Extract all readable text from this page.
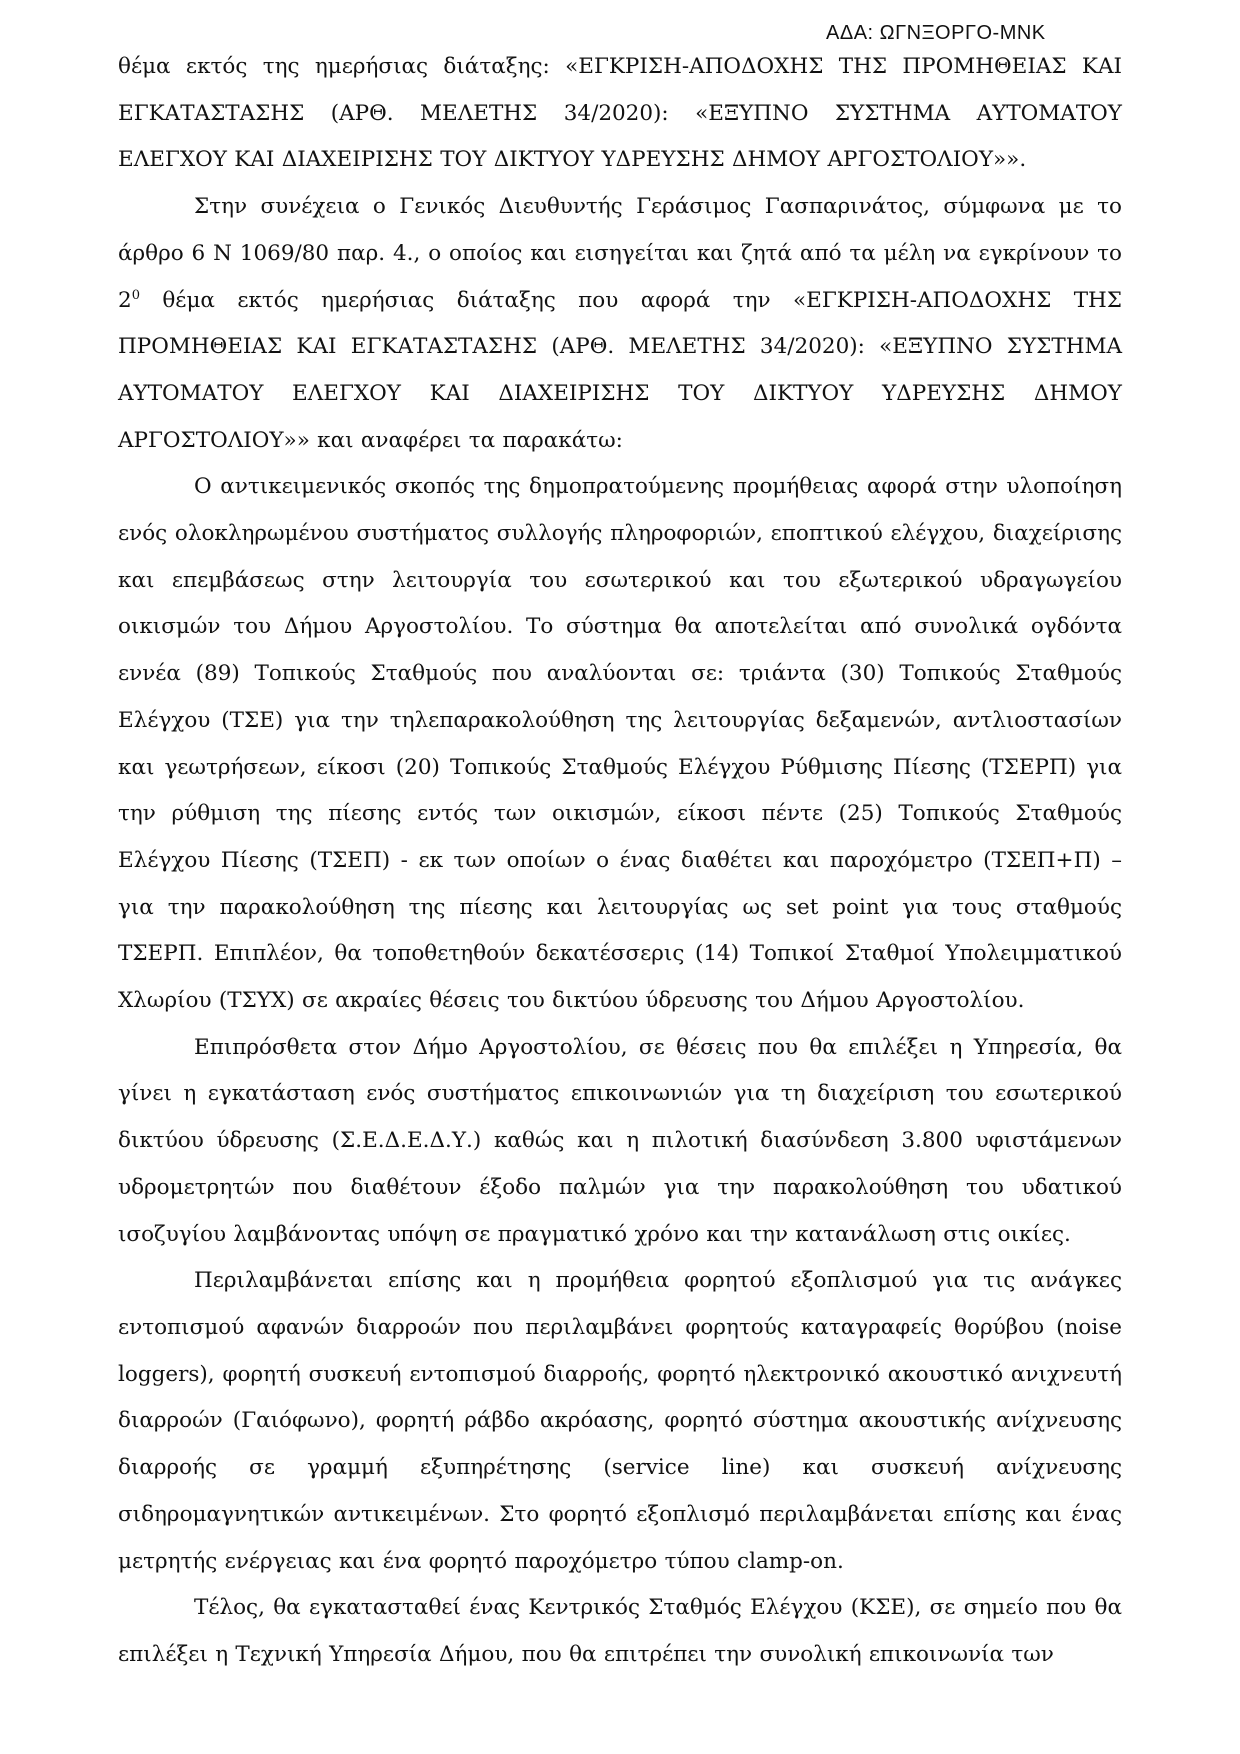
ΑΔΑ: ΩΓΝΞΟΡΓΟ-ΜΝΚ

θέμα εκτός της ημερήσιας διάταξης: «ΕΓΚΡΙΣΗ-ΑΠΟΔΟΧΗΣ ΤΗΣ ΠΡΟΜΗΘΕΙΑΣ ΚΑΙ ΕΓΚΑΤΑΣΤΑΣΗΣ (ΑΡΘ. ΜΕΛΕΤΗΣ 34/2020): «ΕΞΥΠΝΟ ΣΥΣΤΗΜΑ ΑΥΤΟΜΑΤΟΥ ΕΛΕΓΧΟΥ ΚΑΙ ΔΙΑΧΕΙΡΙΣΗΣ ΤΟΥ ΔΙΚΤΥΟΥ ΥΔΡΕΥΣΗΣ ΔΗΜΟΥ ΑΡΓΟΣΤΟΛΙΟΥ»».

Στην συνέχεια ο Γενικός Διευθυντής Γεράσιμος Γασπαρινάτος, σύμφωνα με το άρθρο 6 Ν 1069/80 παρ. 4., ο οποίος και εισηγείται και ζητά από τα μέλη να εγκρίνουν το $2^0$ θέμα εκτός ημερήσιας διάταξης που αφορά την «ΕΓΚΡΙΣΗ-ΑΠΟΔΟΧΗΣ ΤΗΣ ΠΡΟΜΗΘΕΙΑΣ ΚΑΙ ΕΓΚΑΤΑΣΤΑΣΗΣ (ΑΡΘ. ΜΕΛΕΤΗΣ 34/2020): «ΕΞΥΠΝΟ ΣΥΣΤΗΜΑ ΑΥΤΟΜΑΤΟΥ ΕΛΕΓΧΟΥ ΚΑΙ ΔΙΑΧΕΙΡΙΣΗΣ ΤΟΥ ΔΙΚΤΥΟΥ ΥΔΡΕΥΣΗΣ ΔΗΜΟΥ ΑΡΓΟΣΤΟΛΙΟΥ»» και αναφέρει τα παρακάτω:

Ο αντικειμενικός σκοπός της δημοπρατούμενης προμήθειας αφορά στην υλοποίηση ενός ολοκληρωμένου συστήματος συλλογής πληροφοριών, εποπτικού ελέγχου, διαχείρισης και επεμβάσεως στην λειτουργία του εσωτερικού και του εξωτερικού υδραγωγείου οικισμών του Δήμου Αργοστολίου. Το σύστημα θα αποτελείται από συνολικά ογδόντα εννέα (89) Τοπικούς Σταθμούς που αναλύονται σε: τριάντα (30) Τοπικούς Σταθμούς Ελέγχου (ΤΣΕ) για την τηλεπαρακολούθηση της λειτουργίας δεξαμενών, αντλιοστασίων και γεωτρήσεων, είκοσι (20) Τοπικούς Σταθμούς Ελέγχου Ρύθμισης Πίεσης (ΤΣΕΡΠ) για την ρύθμιση της πίεσης εντός των οικισμών, είκοσι πέντε (25) Τοπικούς Σταθμούς Ελέγχου Πίεσης (ΤΣΕΠ) - εκ των οποίων ο ένας διαθέτει και παροχόμετρο (ΤΣΕΠ+Π) – για την παρακολούθηση της πίεσης και λειτουργίας ως set point για τους σταθμούς ΤΣΕΡΠ. Επιπλέον, θα τοποθετηθούν δεκατέσσερις (14) Τοπικοί Σταθμοί Υπολειμματικού Χλωρίου (ΤΣΥΧ) σε ακραίες θέσεις του δικτύου ύδρευσης του Δήμου Αργοστολίου.

Επιπρόσθετα στον Δήμο Αργοστολίου, σε θέσεις που θα επιλέξει η Υπηρεσία, θα γίνει η εγκατάσταση ενός συστήματος επικοινωνιών για τη διαχείριση του εσωτερικού δικτύου ύδρευσης (Σ.Ε.Δ.Ε.Δ.Υ.) καθώς και η πιλοτική διασύνδεση 3.800 υφιστάμενων υδρομετρητών που διαθέτουν έξοδο παλμών για την παρακολούθηση του υδατικού ισοζυγίου λαμβάνοντας υπόψη σε πραγματικό χρόνο και την κατανάλωση στις οικίες.

Περιλαμβάνεται επίσης και η προμήθεια φορητού εξοπλισμού για τις ανάγκες εντοπισμού αφανών διαρροών που περιλαμβάνει φορητούς καταγραφείς θορύβου (noise loggers), φορητή συσκευή εντοπισμού διαρροής, φορητό ηλεκτρονικό ακουστικό ανιχνευτή διαρροών (Γαιόφωνο), φορητή ράβδο ακρόασης, φορητό σύστημα ακουστικής ανίχνευσης διαρροής σε γραμμή εξυπηρέτησης (service line) και συσκευή ανίχνευσης σιδηρομαγνητικών αντικειμένων. Στο φορητό εξοπλισμό περιλαμβάνεται επίσης και ένας μετρητής ενέργειας και ένα φορητό παροχόμετρο τύπου clamp-on.

Τέλος, θα εγκατασταθεί ένας Κεντρικός Σταθμός Ελέγχου (ΚΣΕ), σε σημείο που θα επιλέξει η Τεχνική Υπηρεσία Δήμου, που θα επιτρέπει την συνολική επικοινωνία των
